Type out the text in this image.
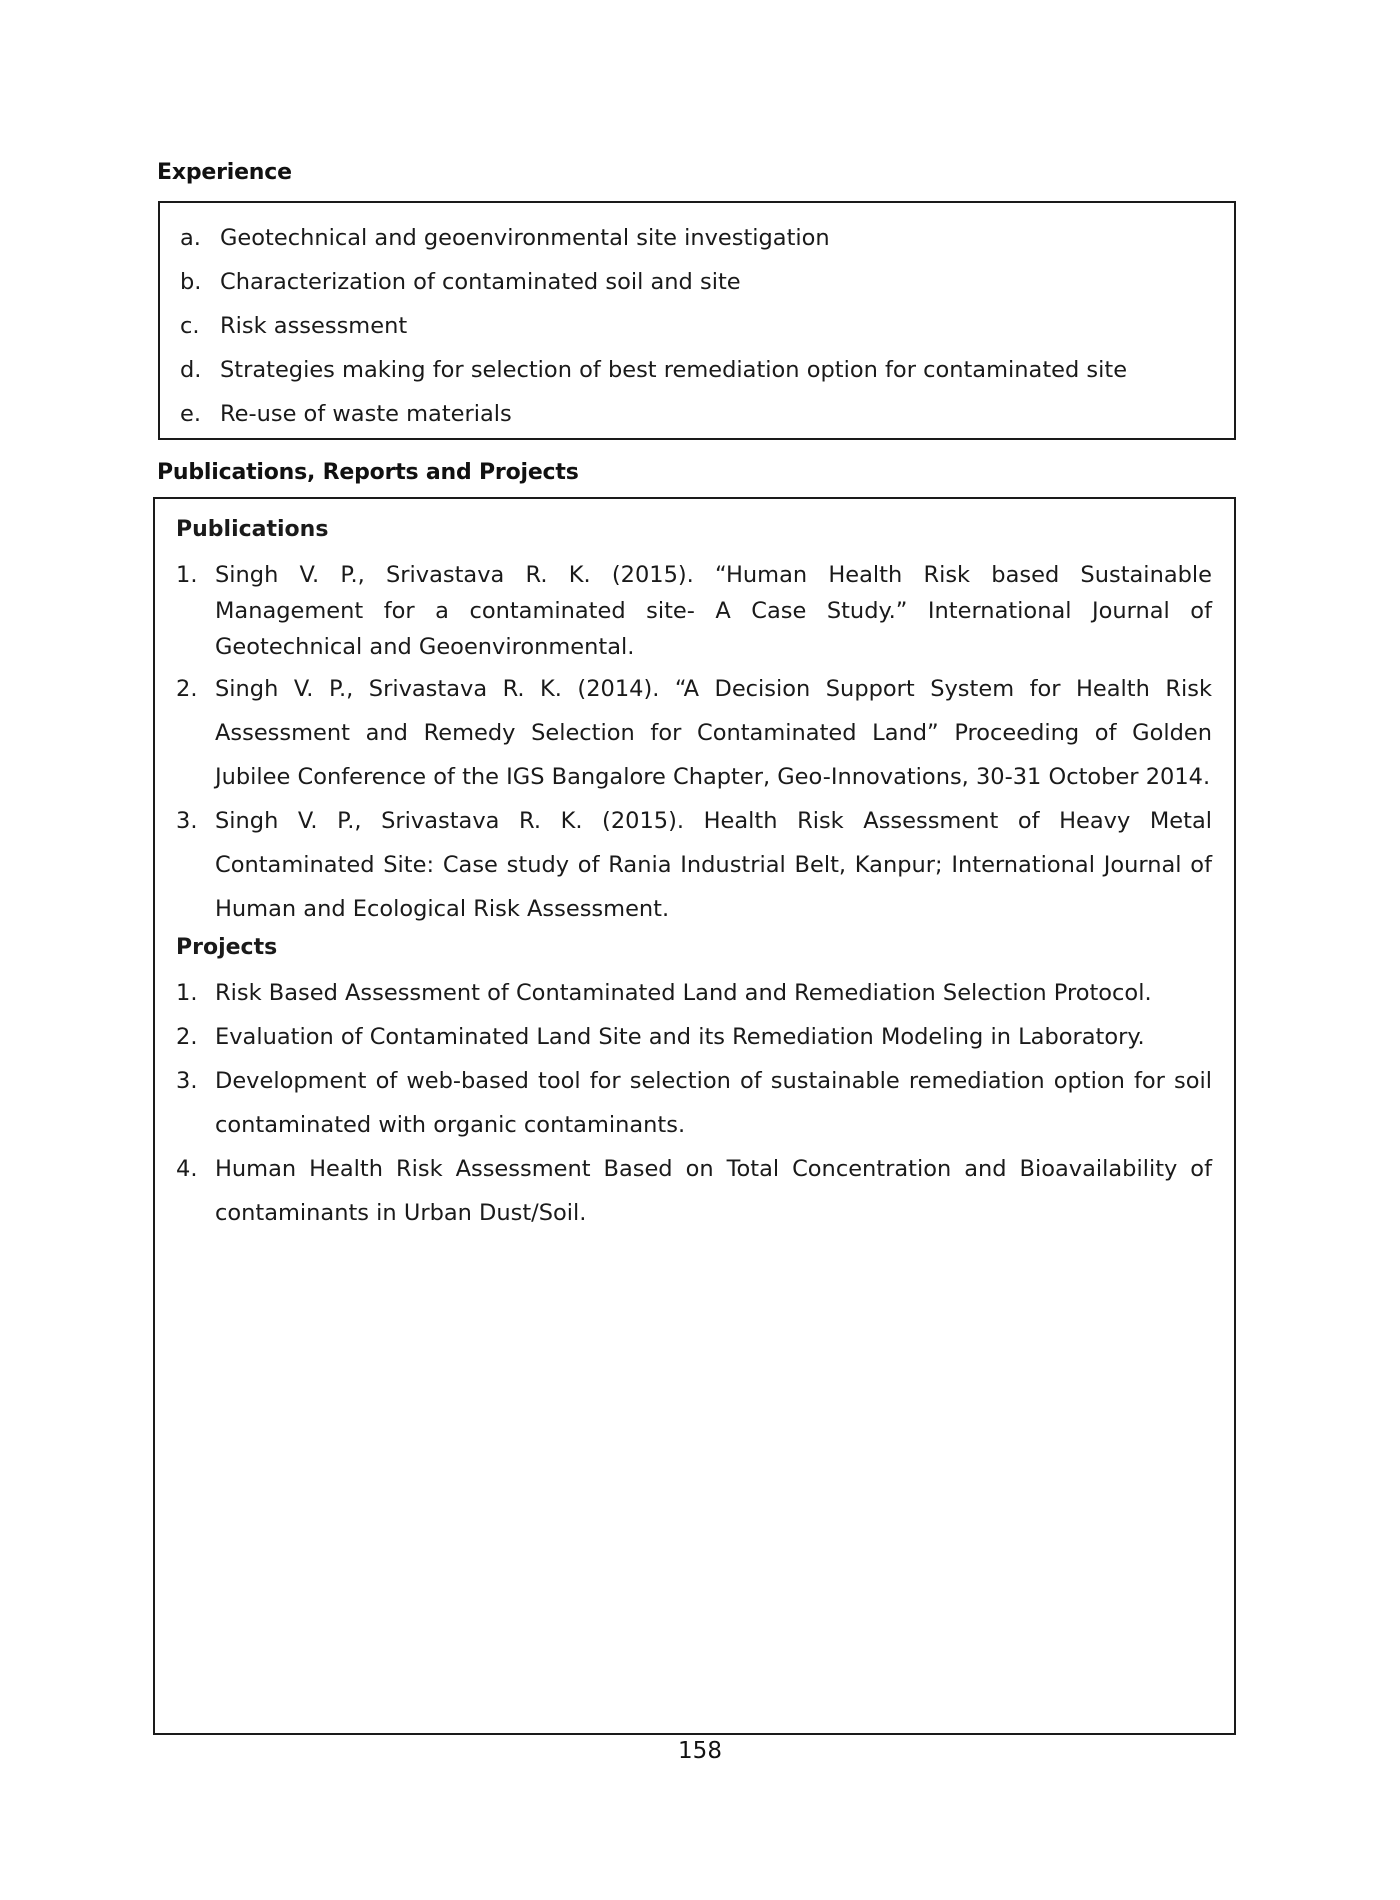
Experience
a. Geotechnical and geoenvironmental site investigation
b. Characterization of contaminated soil and site
c. Risk assessment
d. Strategies making for selection of best remediation option for contaminated site
e. Re-use of waste materials
Publications, Reports and Projects
Publications
1. Singh V. P., Srivastava R. K. (2015). “Human Health Risk based Sustainable Management for a contaminated site- A Case Study.” International Journal of Geotechnical and Geoenvironmental.
2. Singh V. P., Srivastava R. K. (2014). “A Decision Support System for Health Risk Assessment and Remedy Selection for Contaminated Land” Proceeding of Golden Jubilee Conference of the IGS Bangalore Chapter, Geo-Innovations, 30-31 October 2014.
3. Singh V. P., Srivastava R. K. (2015). Health Risk Assessment of Heavy Metal Contaminated Site: Case study of Rania Industrial Belt, Kanpur; International Journal of Human and Ecological Risk Assessment.
Projects
1. Risk Based Assessment of Contaminated Land and Remediation Selection Protocol.
2. Evaluation of Contaminated Land Site and its Remediation Modeling in Laboratory.
3. Development of web-based tool for selection of sustainable remediation option for soil contaminated with organic contaminants.
4. Human Health Risk Assessment Based on Total Concentration and Bioavailability of contaminants in Urban Dust/Soil.
158
